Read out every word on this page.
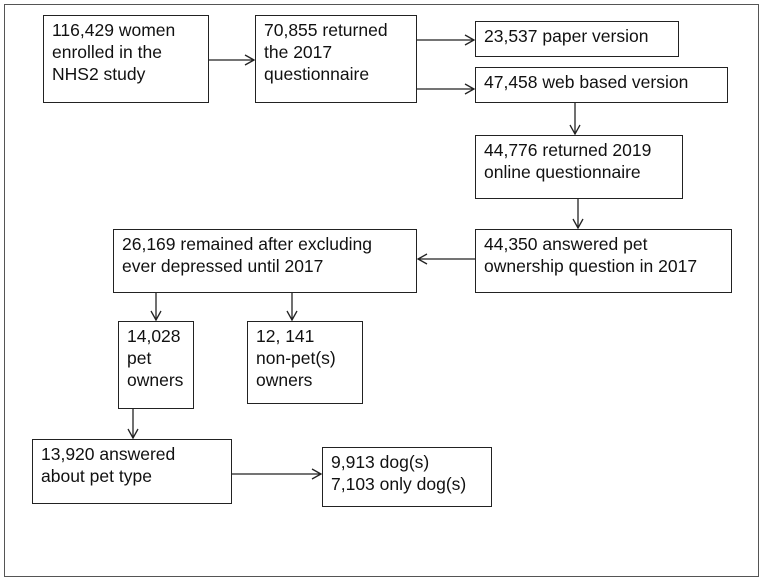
116,429 women
enrolled in the
NHS2 study
70,855 returned
the 2017
questionnaire
23,537 paper version
47,458 web based version
44,776 returned 2019
online questionnaire
44,350 answered pet
ownership question in 2017
26,169 remained after excluding
ever depressed until 2017
14,028
pet
owners
12, 141
non-pet(s)
owners
13,920 answered
about pet type
9,913 dog(s)
7,103 only dog(s)
